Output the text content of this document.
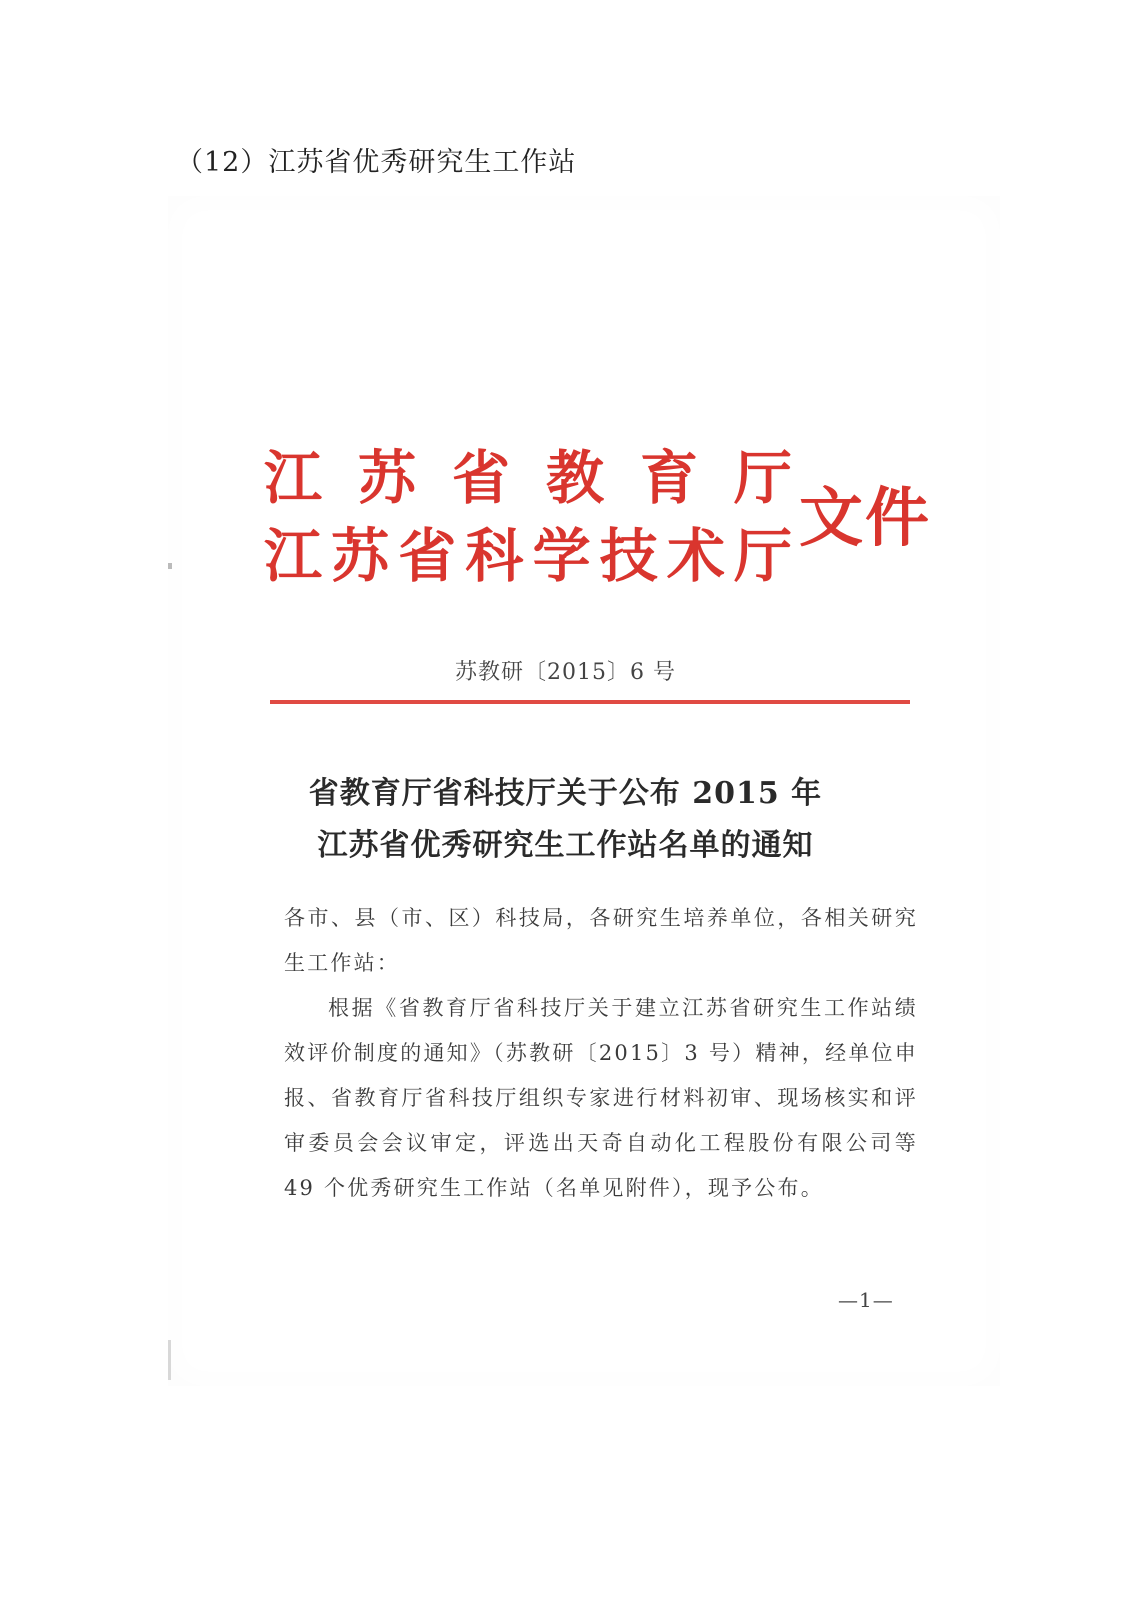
（12）江苏省优秀研究生工作站
江 苏 省 教 育 厅
江 苏 省 科 学 技 术 厅 文件
苏教研〔2015〕6 号
省教育厅省科技厅关于公布 2015 年
江苏省优秀研究生工作站名单的通知

各市、县（市、区）科技局，各研究生培养单位，各相关研究生工作站：

根据《省教育厅省科技厅关于建立江苏省研究生工作站绩效评价制度的通知》（苏教研〔2015〕3 号）精神，经单位申报、省教育厅省科技厅组织专家进行材料初审、现场核实和评审委员会会议审定，评选出天奇自动化工程股份有限公司等 49 个优秀研究生工作站（名单见附件），现予公布。

—1—
